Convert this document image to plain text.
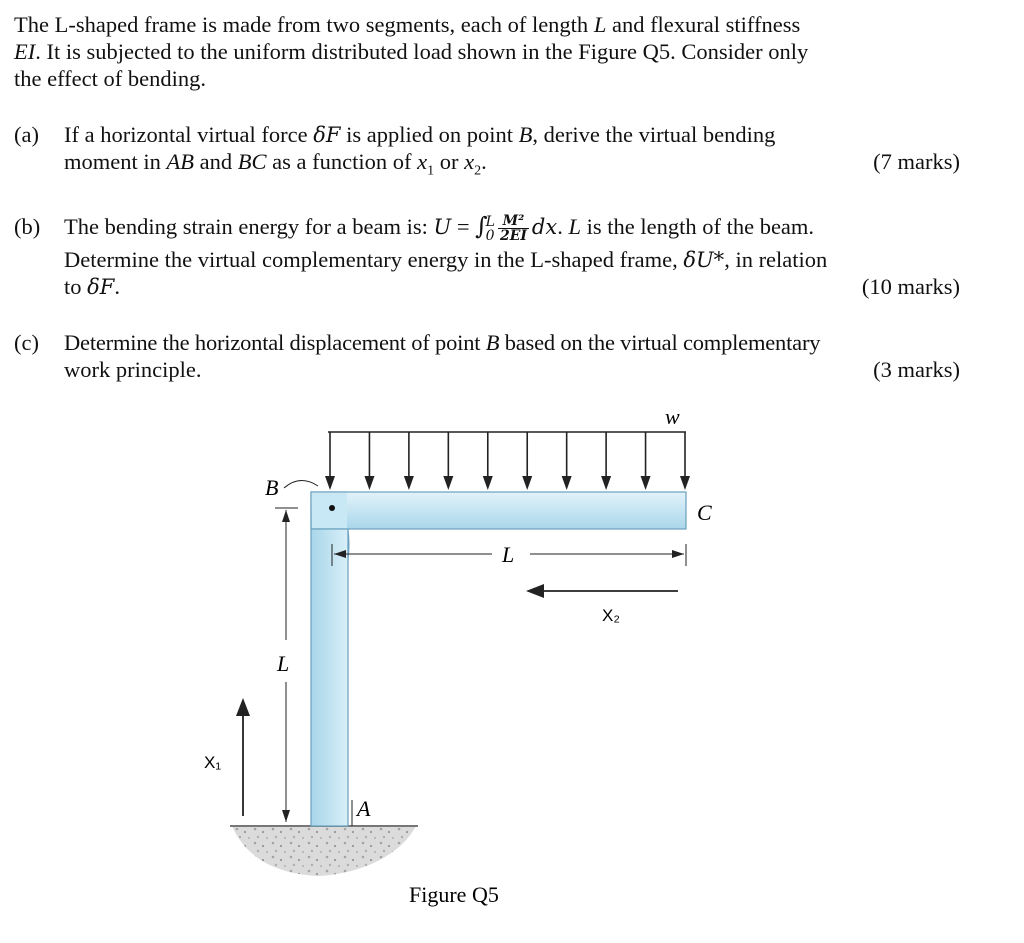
The L-shaped frame is made from two segments, each of length L and flexural stiffness
EI. It is subjected to the uniform distributed load shown in the Figure Q5. Consider only
the effect of bending.
(a) If a horizontal virtual force δF is applied on point B, derive the virtual bending
moment in AB and BC as a function of $x_1$ or $x_2$.	(7 marks)
(b) The bending strain energy for a beam is: U = ∫
L
$0 \frac{\text{M²}}{2EI}$ dx. L is the length of the beam.
Determine the virtual complementary energy in the L-shaped frame, δU*, in relation
to δF.	(10 marks)
(c) Determine the horizontal displacement of point B based on the virtual complementary
work principle.	(3 marks)
w
B
C
L
X₂
L
X₁
A
Figure Q5
